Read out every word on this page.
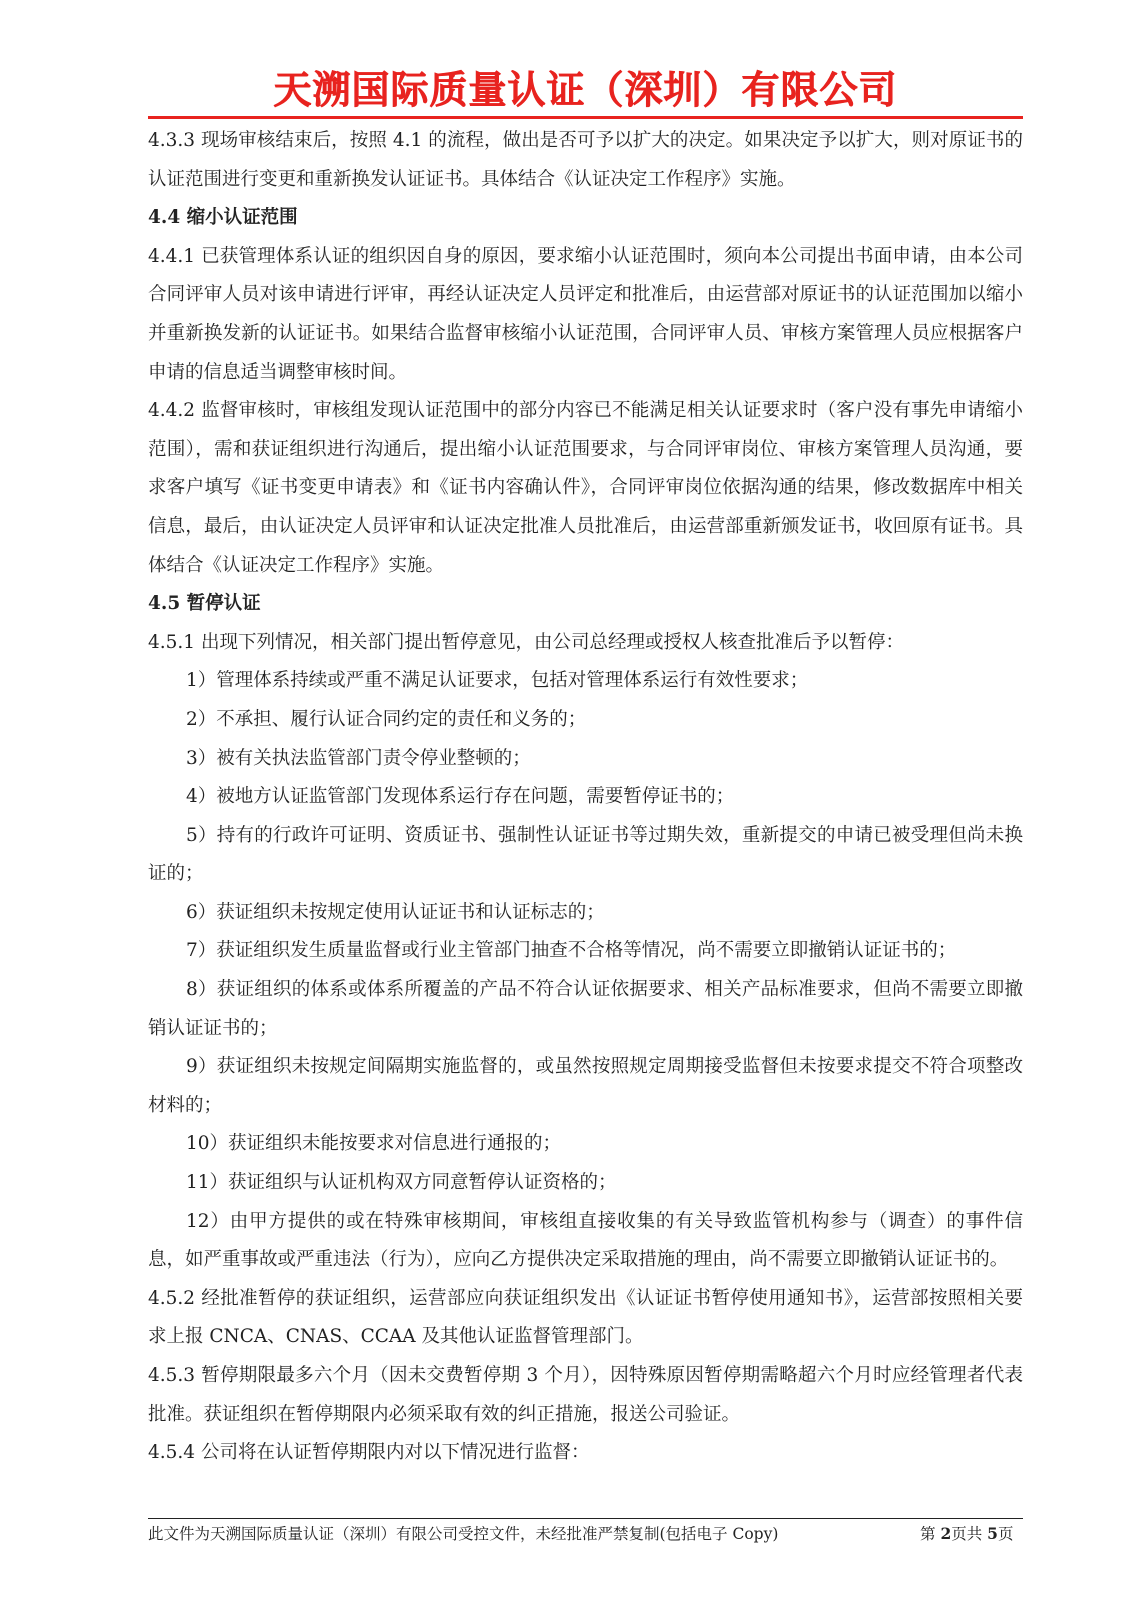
天溯国际质量认证（深圳）有限公司

4.3.3 现场审核结束后，按照 4.1 的流程，做出是否可予以扩大的决定。如果决定予以扩大，则对原证书的认证范围进行变更和重新换发认证证书。具体结合《认证决定工作程序》实施。

4.4 缩小认证范围

4.4.1 已获管理体系认证的组织因自身的原因，要求缩小认证范围时，须向本公司提出书面申请，由本公司合同评审人员对该申请进行评审，再经认证决定人员评定和批准后，由运营部对原证书的认证范围加以缩小并重新换发新的认证证书。如果结合监督审核缩小认证范围，合同评审人员、审核方案管理人员应根据客户申请的信息适当调整审核时间。

4.4.2 监督审核时，审核组发现认证范围中的部分内容已不能满足相关认证要求时（客户没有事先申请缩小范围），需和获证组织进行沟通后，提出缩小认证范围要求，与合同评审岗位、审核方案管理人员沟通，要求客户填写《证书变更申请表》和《证书内容确认件》，合同评审岗位依据沟通的结果，修改数据库中相关信息，最后，由认证决定人员评审和认证决定批准人员批准后，由运营部重新颁发证书，收回原有证书。具体结合《认证决定工作程序》实施。

4.5 暂停认证

4.5.1 出现下列情况，相关部门提出暂停意见，由公司总经理或授权人核查批准后予以暂停：

1）管理体系持续或严重不满足认证要求，包括对管理体系运行有效性要求；

2）不承担、履行认证合同约定的责任和义务的；

3）被有关执法监管部门责令停业整顿的；

4）被地方认证监管部门发现体系运行存在问题，需要暂停证书的；

5）持有的行政许可证明、资质证书、强制性认证证书等过期失效，重新提交的申请已被受理但尚未换证的；

6）获证组织未按规定使用认证证书和认证标志的；

7）获证组织发生质量监督或行业主管部门抽查不合格等情况，尚不需要立即撤销认证证书的；

8）获证组织的体系或体系所覆盖的产品不符合认证依据要求、相关产品标准要求，但尚不需要立即撤销认证证书的；

9）获证组织未按规定间隔期实施监督的，或虽然按照规定周期接受监督但未按要求提交不符合项整改材料的；

10）获证组织未能按要求对信息进行通报的；

11）获证组织与认证机构双方同意暂停认证资格的；

12）由甲方提供的或在特殊审核期间，审核组直接收集的有关导致监管机构参与（调查）的事件信息，如严重事故或严重违法（行为），应向乙方提供决定采取措施的理由，尚不需要立即撤销认证证书的。

4.5.2 经批准暂停的获证组织，运营部应向获证组织发出《认证证书暂停使用通知书》，运营部按照相关要求上报 CNCA、CNAS、CCAA 及其他认证监督管理部门。

4.5.3 暂停期限最多六个月（因未交费暂停期 3 个月），因特殊原因暂停期需略超六个月时应经管理者代表批准。获证组织在暂停期限内必须采取有效的纠正措施，报送公司验证。

4.5.4 公司将在认证暂停期限内对以下情况进行监督：

此文件为天溯国际质量认证（深圳）有限公司受控文件，未经批准严禁复制(包括电子 Copy)	第 2页共 5页
